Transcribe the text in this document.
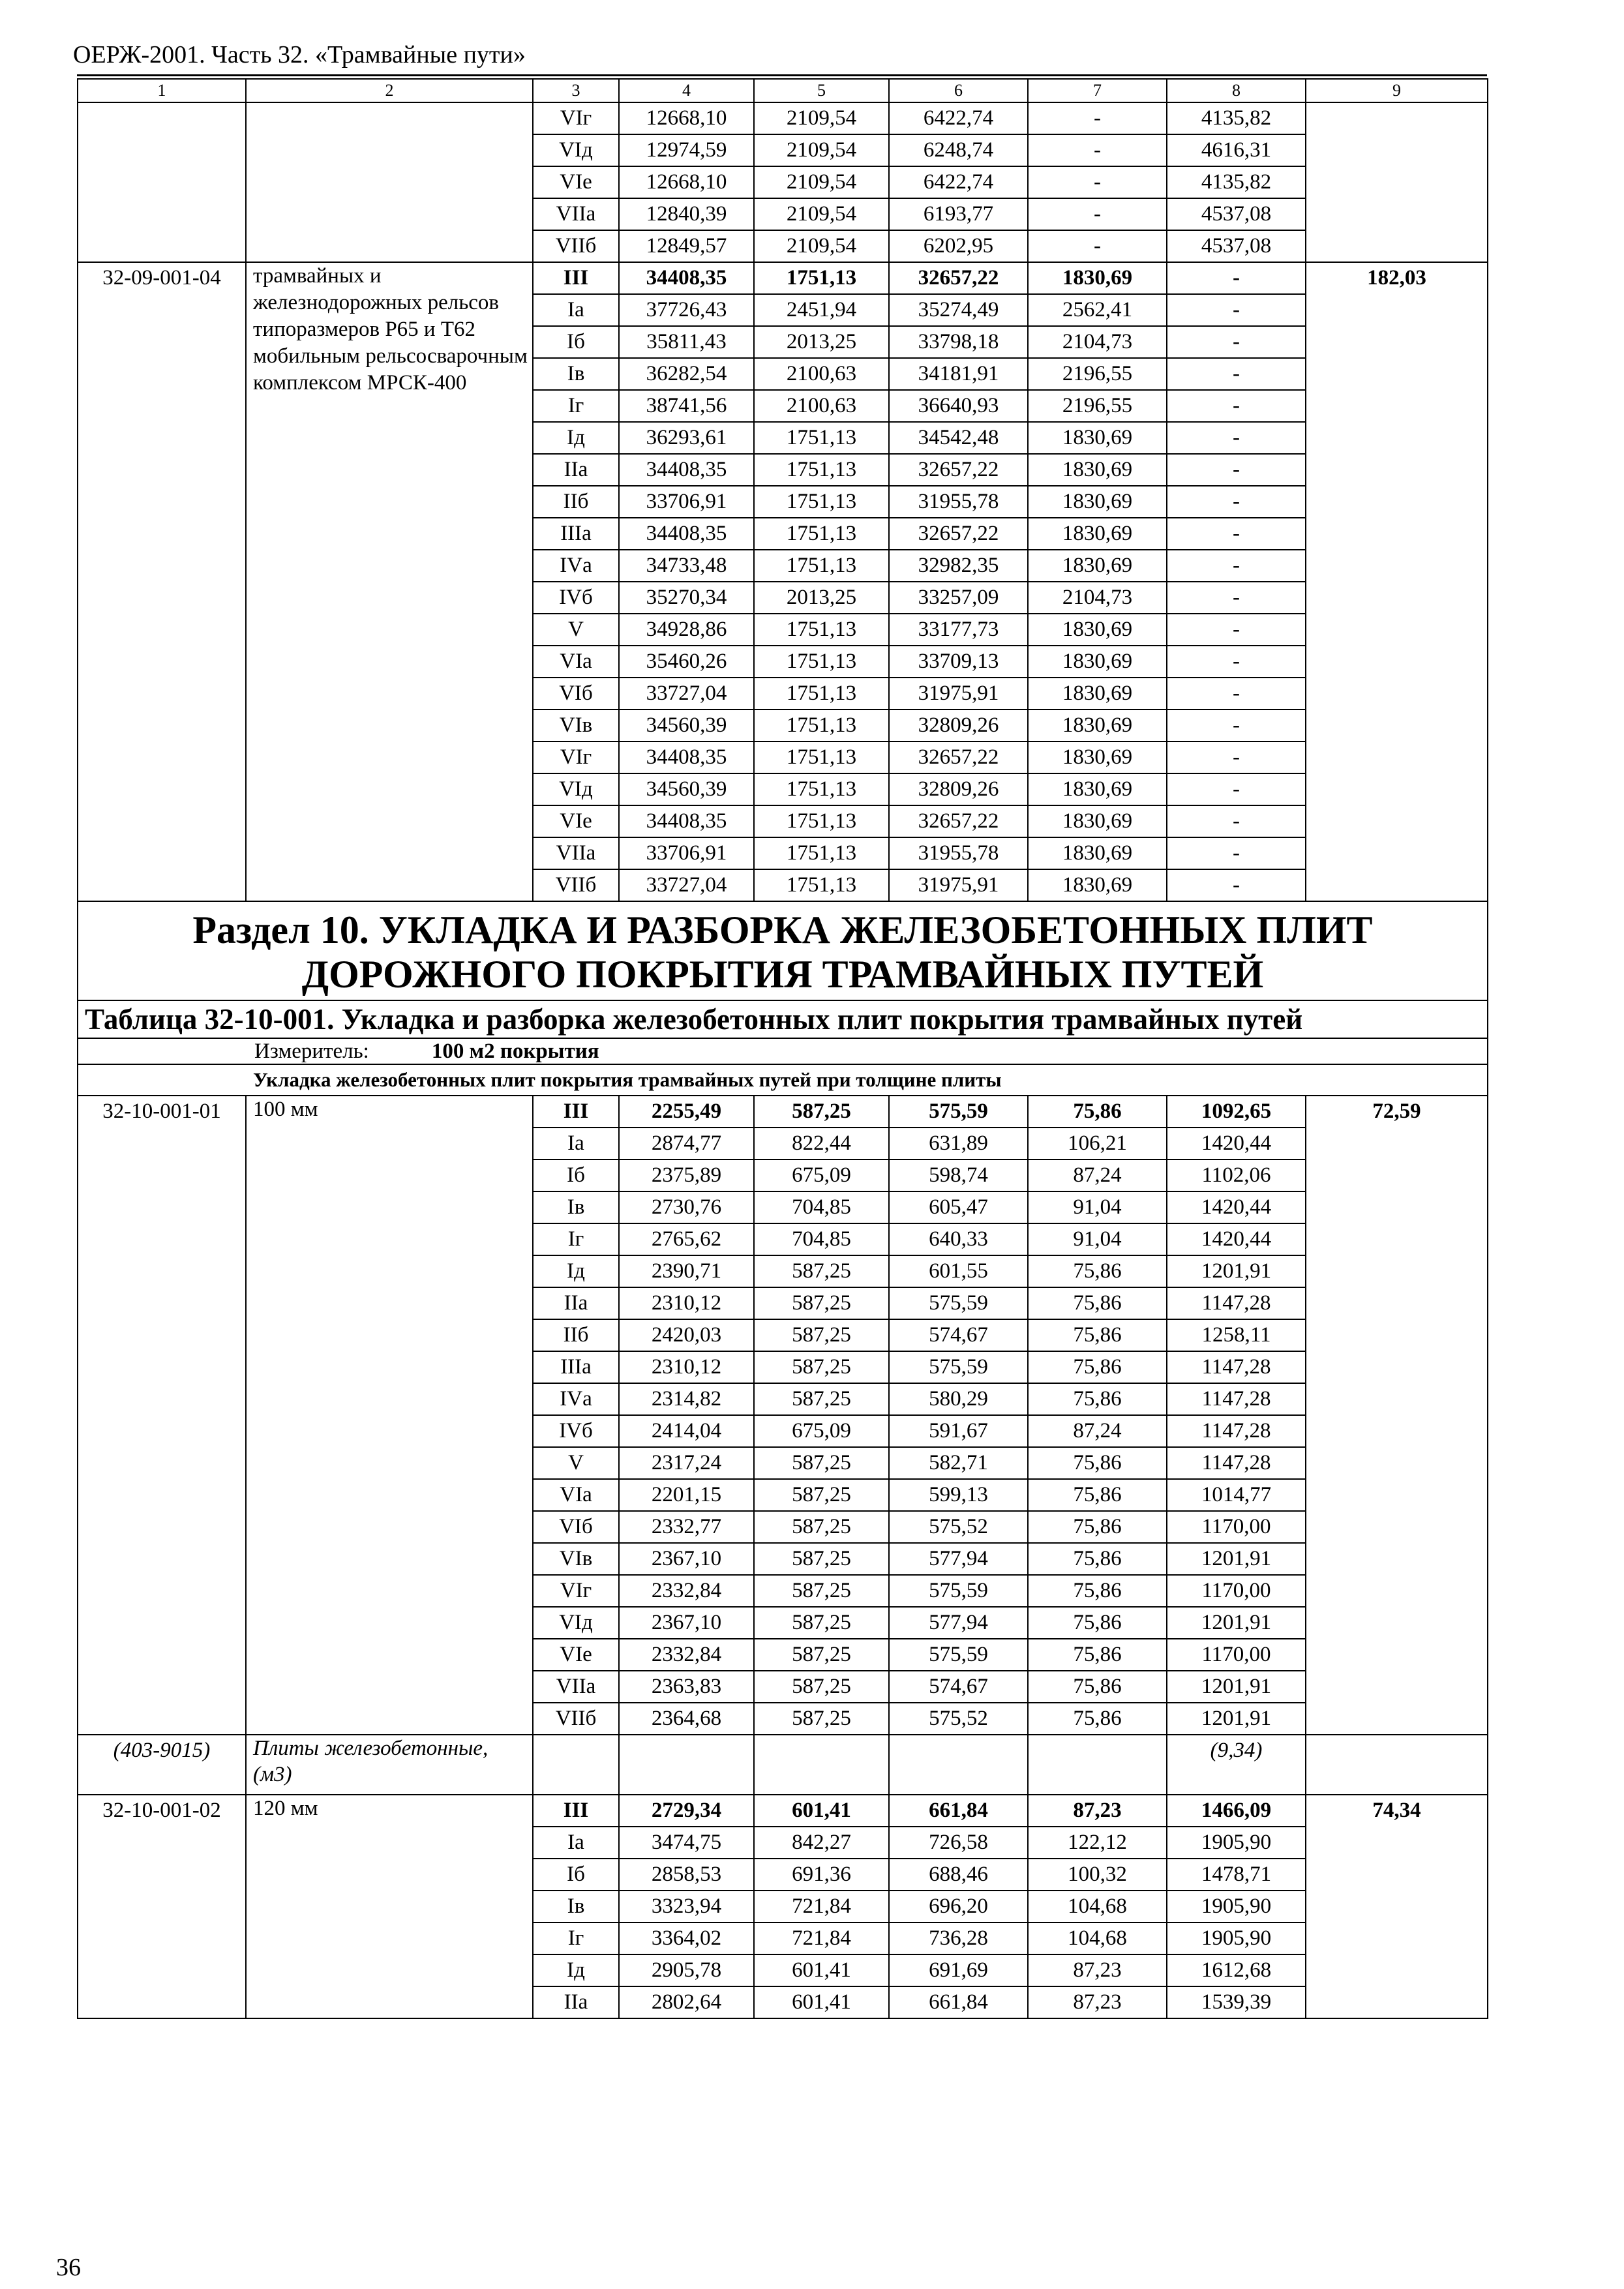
ОЕРЖ-2001. Часть 32. «Трамвайные пути»
1	2	3	4	5	6	7	8	9
		VIг	12668,10	2109,54	6422,74	-	4135,82	
		VIд	12974,59	2109,54	6248,74	-	4616,31	
		VIе	12668,10	2109,54	6422,74	-	4135,82	
		VIIа	12840,39	2109,54	6193,77	-	4537,08	
		VIIб	12849,57	2109,54	6202,95	-	4537,08	
32-09-001-04	трамвайных и железнодорожных рельсов типоразмеров Р65 и Т62 мобильным рельсосварочным комплексом МРСК-400	III	34408,35	1751,13	32657,22	1830,69	-	182,03
		Iа	37726,43	2451,94	35274,49	2562,41	-	
		Iб	35811,43	2013,25	33798,18	2104,73	-	
		Iв	36282,54	2100,63	34181,91	2196,55	-	
		Iг	38741,56	2100,63	36640,93	2196,55	-	
		Iд	36293,61	1751,13	34542,48	1830,69	-	
		IIа	34408,35	1751,13	32657,22	1830,69	-	
		IIб	33706,91	1751,13	31955,78	1830,69	-	
		IIIа	34408,35	1751,13	32657,22	1830,69	-	
		IVа	34733,48	1751,13	32982,35	1830,69	-	
		IVб	35270,34	2013,25	33257,09	2104,73	-	
		V	34928,86	1751,13	33177,73	1830,69	-	
		VIа	35460,26	1751,13	33709,13	1830,69	-	
		VIб	33727,04	1751,13	31975,91	1830,69	-	
		VIв	34560,39	1751,13	32809,26	1830,69	-	
		VIг	34408,35	1751,13	32657,22	1830,69	-	
		VIд	34560,39	1751,13	32809,26	1830,69	-	
		VIе	34408,35	1751,13	32657,22	1830,69	-	
		VIIа	33706,91	1751,13	31955,78	1830,69	-	
		VIIб	33727,04	1751,13	31975,91	1830,69	-	
Раздел 10. УКЛАДКА И РАЗБОРКА ЖЕЛЕЗОБЕТОННЫХ ПЛИТ ДОРОЖНОГО ПОКРЫТИЯ ТРАМВАЙНЫХ ПУТЕЙ								
Таблица 32-10-001. Укладка и разборка железобетонных плит покрытия трамвайных путей								
Измеритель: 100 м2 покрытия								
Укладка железобетонных плит покрытия трамвайных путей при толщине плиты								
32-10-001-01	100 мм	III	2255,49	587,25	575,59	75,86	1092,65	72,59
		Iа	2874,77	822,44	631,89	106,21	1420,44	
		Iб	2375,89	675,09	598,74	87,24	1102,06	
		Iв	2730,76	704,85	605,47	91,04	1420,44	
		Iг	2765,62	704,85	640,33	91,04	1420,44	
		Iд	2390,71	587,25	601,55	75,86	1201,91	
		IIа	2310,12	587,25	575,59	75,86	1147,28	
		IIб	2420,03	587,25	574,67	75,86	1258,11	
		IIIа	2310,12	587,25	575,59	75,86	1147,28	
		IVа	2314,82	587,25	580,29	75,86	1147,28	
		IVб	2414,04	675,09	591,67	87,24	1147,28	
		V	2317,24	587,25	582,71	75,86	1147,28	
		VIа	2201,15	587,25	599,13	75,86	1014,77	
		VIб	2332,77	587,25	575,52	75,86	1170,00	
		VIв	2367,10	587,25	577,94	75,86	1201,91	
		VIг	2332,84	587,25	575,59	75,86	1170,00	
		VIд	2367,10	587,25	577,94	75,86	1201,91	
		VIе	2332,84	587,25	575,59	75,86	1170,00	
		VIIа	2363,83	587,25	574,67	75,86	1201,91	
		VIIб	2364,68	587,25	575,52	75,86	1201,91	
(403-9015)	Плиты железобетонные, (м3)						(9,34)	
32-10-001-02	120 мм	III	2729,34	601,41	661,84	87,23	1466,09	74,34
		Iа	3474,75	842,27	726,58	122,12	1905,90	
		Iб	2858,53	691,36	688,46	100,32	1478,71	
		Iв	3323,94	721,84	696,20	104,68	1905,90	
		Iг	3364,02	721,84	736,28	104,68	1905,90	
		Iд	2905,78	601,41	691,69	87,23	1612,68	
		IIа	2802,64	601,41	661,84	87,23	1539,39	
36
